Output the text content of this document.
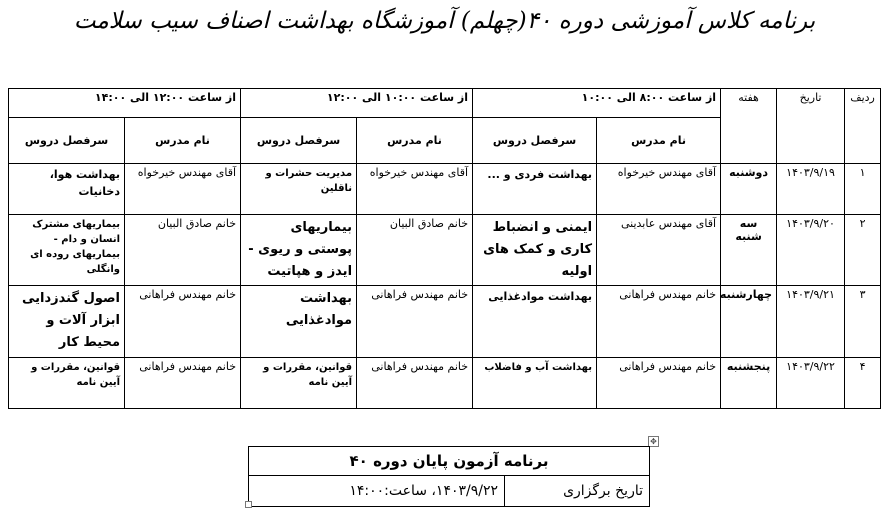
برنامه کلاس آموزشی دوره ۴۰(چهلم) آموزشگاه بهداشت اصناف سیب سلامت
ردیف	تاریخ	هفته	از ساعت ۸:۰۰ الی ۱۰:۰۰		از ساعت ۱۰:۰۰ الی ۱۲:۰۰		از ساعت ۱۲:۰۰ الی ۱۴:۰۰	
			نام مدرس	سرفصل دروس	نام مدرس	سرفصل دروس	نام مدرس	سرفصل دروس
۱	۱۴۰۳/۹/۱۹	دوشنبه	آقای مهندس خیرخواه	بهداشت فردی و ...	آقای مهندس خیرخواه	مدیریت حشرات و ناقلین	آقای مهندس خیرخواه	بهداشت هوا، دخانیات
۲	۱۴۰۳/۹/۲۰	سه شنبه	آقای مهندس عابدینی	ایمنی و انضباط کاری و کمک های اولیه	خانم صادق البیان	بیماریهای پوستی و ریوی - ایدز و هپاتیت	خانم صادق البیان	بیماریهای مشترک انسان و دام - بیماریهای روده ای وانگلی
۳	۱۴۰۳/۹/۲۱	چهارشنبه	خانم مهندس فراهانی	بهداشت موادغذایی	خانم مهندس فراهانی	بهداشت موادغذایی	خانم مهندس فراهانی	اصول گندزدایی ابزار آلات و محیط کار
۴	۱۴۰۳/۹/۲۲	پنجشنبه	خانم مهندس فراهانی	بهداشت آب و فاضلاب	خانم مهندس فراهانی	قوانین، مقررات و آیین نامه	خانم مهندس فراهانی	قوانین، مقررات و آیین نامه
✥
برنامه آزمون پایان دوره ۴۰
تاریخ برگزاری	۱۴۰۳/۹/۲۲، ساعت:۱۴:۰۰
